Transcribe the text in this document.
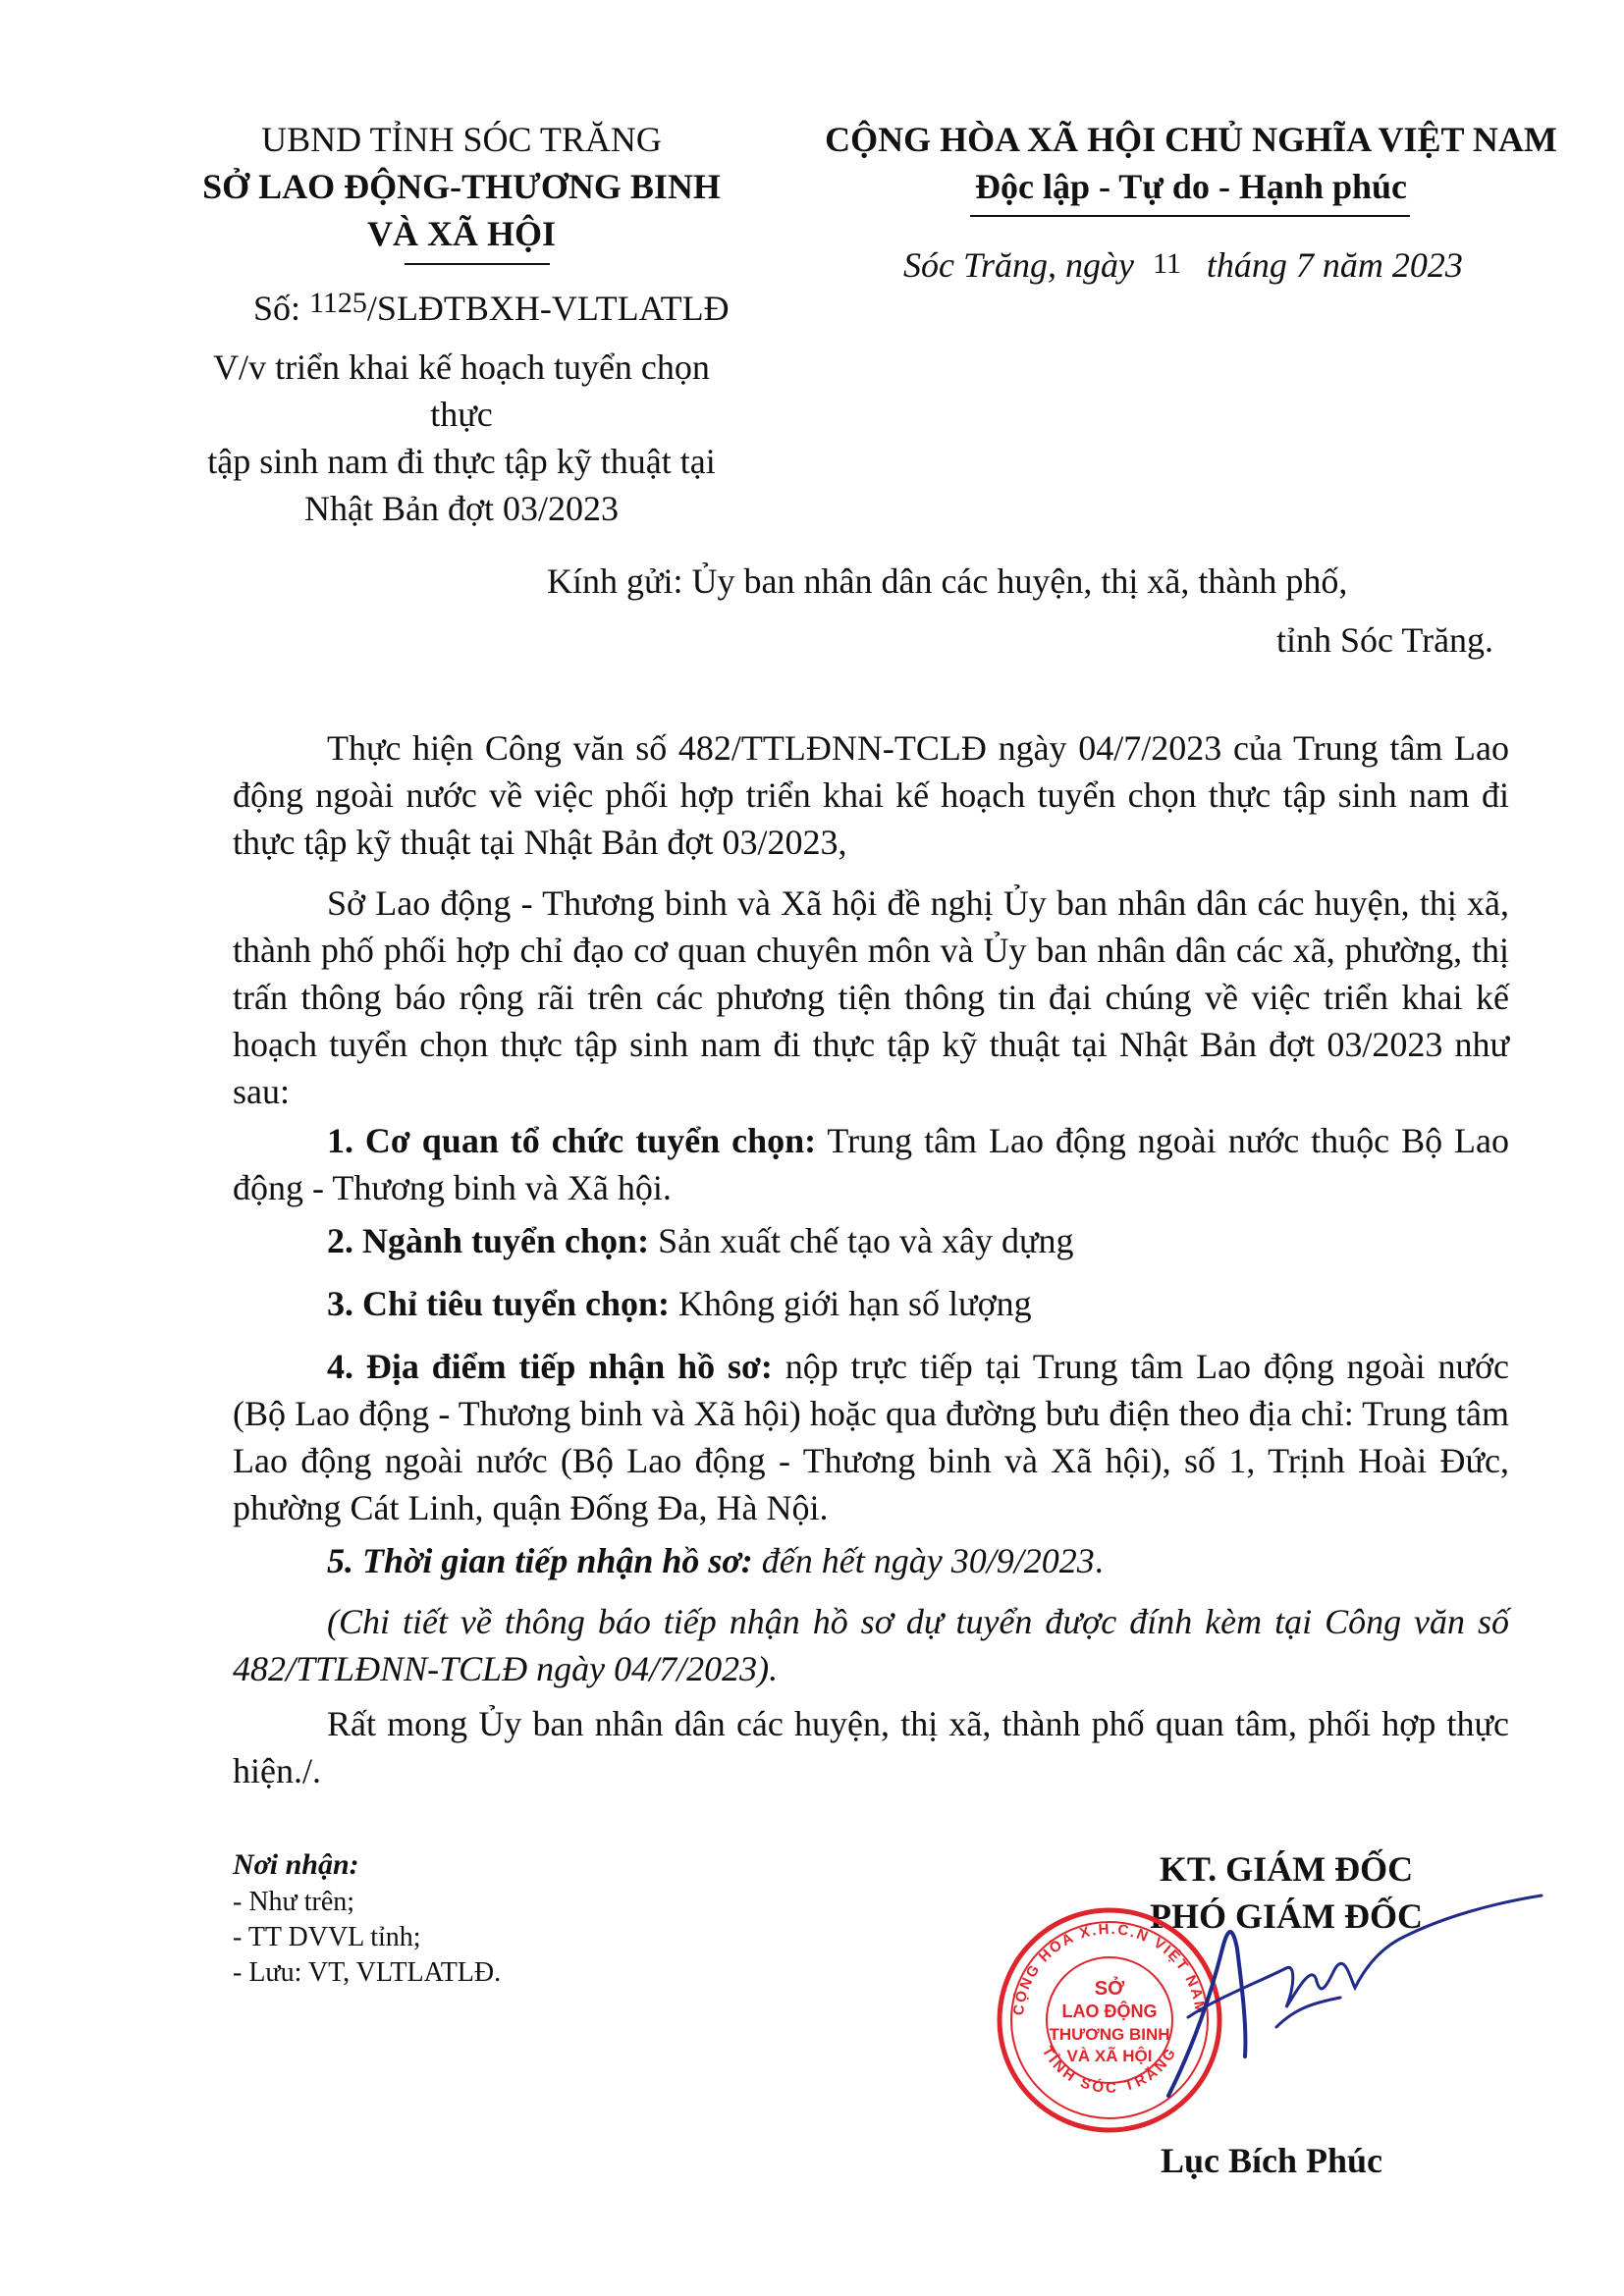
UBND TỈNH SÓC TRĂNG
SỞ LAO ĐỘNG-THƯƠNG BINH
VÀ XÃ HỘI
Số: $^{1125}$/SLĐTBXH-VLTLATLĐ
V/v triển khai kế hoạch tuyển chọn thực
tập sinh nam đi thực tập kỹ thuật tại
Nhật Bản đợt 03/2023
CỘNG HÒA XÃ HỘI CHỦ NGHĨA VIỆT NAM
Độc lập - Tự do - Hạnh phúc
Sóc Trăng, ngày 11 tháng 7 năm 2023
Kính gửi: Ủy ban nhân dân các huyện, thị xã, thành phố,
tỉnh Sóc Trăng.
Thực hiện Công văn số 482/TTLĐNN-TCLĐ ngày 04/7/2023 của Trung tâm Lao động ngoài nước về việc phối hợp triển khai kế hoạch tuyển chọn thực tập sinh nam đi thực tập kỹ thuật tại Nhật Bản đợt 03/2023,
Sở Lao động - Thương binh và Xã hội đề nghị Ủy ban nhân dân các huyện, thị xã, thành phố phối hợp chỉ đạo cơ quan chuyên môn và Ủy ban nhân dân các xã, phường, thị trấn thông báo rộng rãi trên các phương tiện thông tin đại chúng về việc triển khai kế hoạch tuyển chọn thực tập sinh nam đi thực tập kỹ thuật tại Nhật Bản đợt 03/2023 như sau:
1. Cơ quan tổ chức tuyển chọn: Trung tâm Lao động ngoài nước thuộc Bộ Lao động - Thương binh và Xã hội.
2. Ngành tuyển chọn: Sản xuất chế tạo và xây dựng
3. Chỉ tiêu tuyển chọn: Không giới hạn số lượng
4. Địa điểm tiếp nhận hồ sơ: nộp trực tiếp tại Trung tâm Lao động ngoài nước (Bộ Lao động - Thương binh và Xã hội) hoặc qua đường bưu điện theo địa chỉ: Trung tâm Lao động ngoài nước (Bộ Lao động - Thương binh và Xã hội), số 1, Trịnh Hoài Đức, phường Cát Linh, quận Đống Đa, Hà Nội.
5. Thời gian tiếp nhận hồ sơ: đến hết ngày 30/9/2023.
(Chi tiết về thông báo tiếp nhận hồ sơ dự tuyển được đính kèm tại Công văn số 482/TTLĐNN-TCLĐ ngày 04/7/2023).
Rất mong Ủy ban nhân dân các huyện, thị xã, thành phố quan tâm, phối hợp thực hiện./.
Nơi nhận:
- Như trên;
- TT DVVL tỉnh;
- Lưu: VT, VLTLATLĐ.
KT. GIÁM ĐỐC
PHÓ GIÁM ĐỐC
CỘNG HÒA X.H.C.N VIỆT NAM
TỈNH SÓC TRĂNG
SỞ
LAO ĐỘNG
THƯƠNG BINH
VÀ XÃ HỘI
Lục Bích Phúc
